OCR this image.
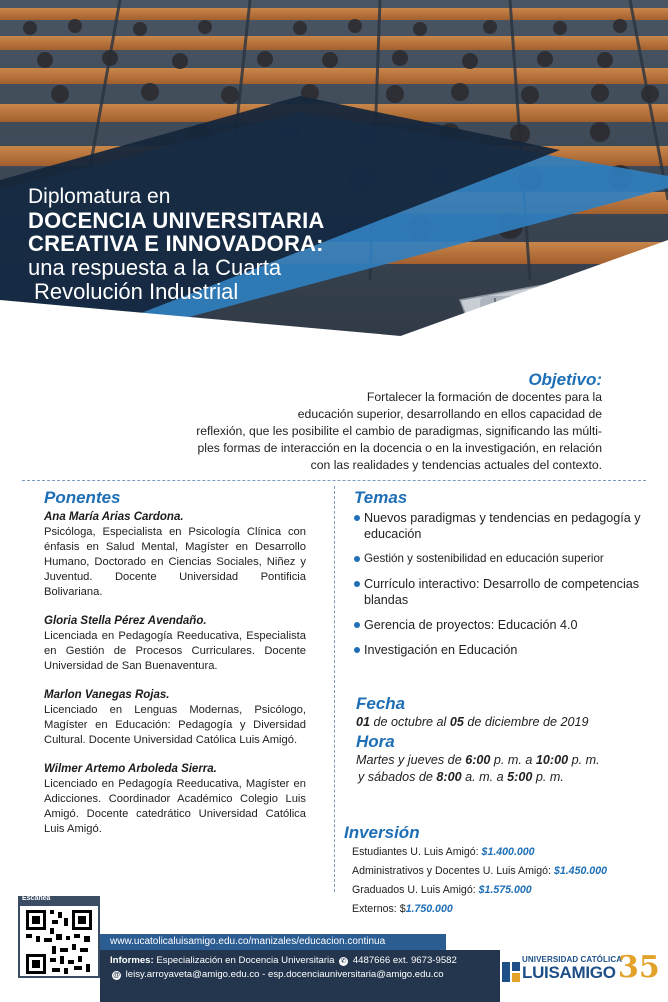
Diplomatura en
DOCENCIA UNIVERSITARIA
CREATIVA E INNOVADORA:
una respuesta a la Cuarta
Revolución Industrial
Objetivo:
Fortalecer la formación de docentes para la
educación superior, desarrollando en ellos capacidad de
reflexión, que les posibilite el cambio de paradigmas, significando las múlti-
ples formas de interacción en la docencia o en la investigación, en relación
con las realidades y tendencias actuales del contexto.
Ponentes
Ana María Arias Cardona.
Psicóloga, Especialista en Psicología Clínica con énfasis en Salud Mental, Magíster en Desarrollo Humano, Doctorado en Ciencias Sociales, Niñez y Juventud. Docente Universidad Pontificia Bolivariana.
Gloria Stella Pérez Avendaño.
Licenciada en Pedagogía Reeducativa, Especialista en Gestión de Procesos Curriculares. Docente Universidad de San Buenaventura.
Marlon Vanegas Rojas.
Licenciado en Lenguas Modernas, Psicólogo, Magíster en Educación: Pedagogía y Diversidad Cultural. Docente Universidad Católica Luis Amigó.
Wilmer Artemo Arboleda Sierra.
Licenciado en Pedagogía Reeducativa, Magíster en Adicciones. Coordinador Académico Colegio Luis Amigó. Docente catedrático Universidad Católica Luis Amigó.
Temas
Nuevos paradigmas y tendencias en pedagogía y educación
Gestión y sostenibilidad en educación superior
Currículo interactivo: Desarrollo de competencias blandas
Gerencia de proyectos: Educación 4.0
Investigación en Educación
Fecha
01 de octubre al 05 de diciembre de 2019
Hora
Martes y jueves de 6:00 p. m. a 10:00 p. m.
y sábados de 8:00 a. m. a 5:00 p. m.
Inversión
Estudiantes U. Luis Amigó: $1.400.000
Administrativos y Docentes U. Luis Amigó: $1.450.000
Graduados U. Luis Amigó: $1.575.000
Externos: $1.750.000
Escanea
www.ucatolicaluisamigo.edu.co/manizales/educacion.continua
Informes: Especialización en Docencia Universitaria ✆ 4487666 ext. 9673-9582
@ leisy.arroyaveta@amigo.edu.co - esp.docenciauniversitaria@amigo.edu.co
UNIVERSIDAD CATÓLICA
LUISAMIGO 35
